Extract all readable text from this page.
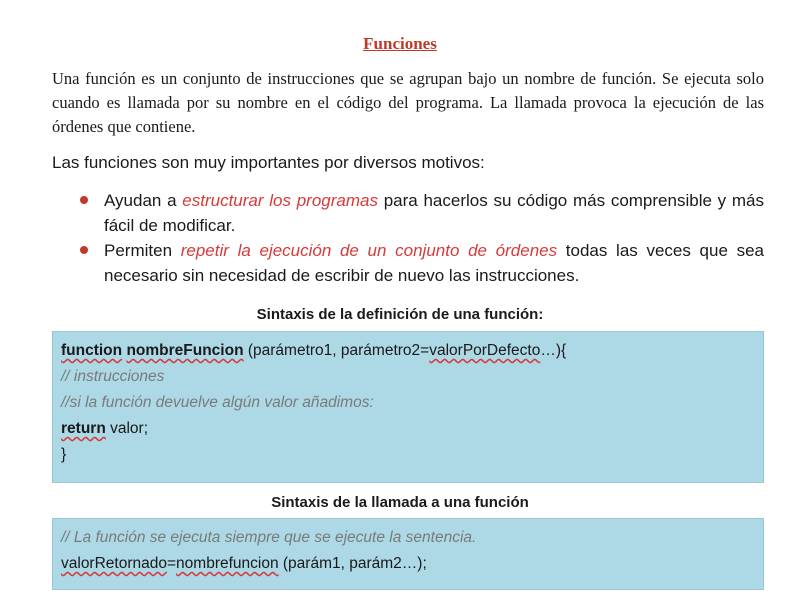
Funciones
Una función es un conjunto de instrucciones que se agrupan bajo un nombre de función. Se ejecuta solo cuando es llamada por su nombre en el código del programa. La llamada provoca la ejecución de las órdenes que contiene.
Las funciones son muy importantes por diversos motivos:
Ayudan a estructurar los programas para hacerlos su código más comprensible y más fácil de modificar.
Permiten repetir la ejecución de un conjunto de órdenes todas las veces que sea necesario sin necesidad de escribir de nuevo las instrucciones.
Sintaxis de la definición de una función:
function nombreFuncion (parámetro1, parámetro2=valorPorDefecto…){
// instrucciones
//si la función devuelve algún valor añadimos:
return valor;
}
Sintaxis de la llamada a una función
// La función se ejecuta siempre que se ejecute la sentencia.
valorRetornado=nombrefuncion (parám1, parám2…);
